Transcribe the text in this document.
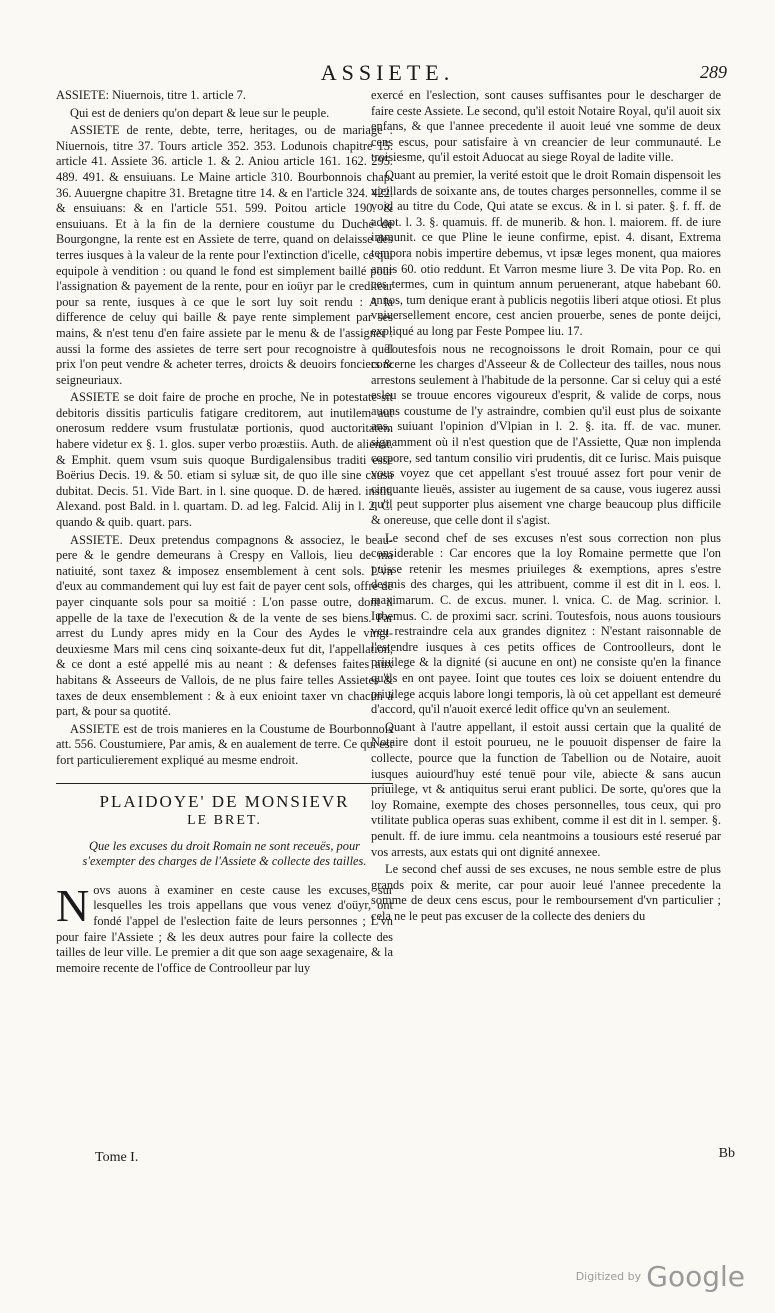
ASSIETE.	289

ASSIETE: Niuernois, titre 1. article 7.

Qui est de deniers qu'on depart & leue sur le peuple.

ASSIETE de rente, debte, terre, heritages, ou de mariage : Niuernois, titre 37. Tours article 352. 353. Lodunois chapitre 15. article 41. Assiete 36. article 1. & 2. Aniou article 161. 162. 295. 489. 491. & ensuiuans. Le Maine article 310. Bourbonnois chap. 36. Auuergne chapitre 31. Bretagne titre 14. & en l'article 324. 422. & ensuiuans: & en l'article 551. 599. Poitou article 190. & ensuiuans. Et à la fin de la derniere coustume du Duché de Bourgongne, la rente est en Assiete de terre, quand on delaisse des terres iusques à la valeur de la rente pour l'extinction d'icelle, ce qui equipole à vendition : ou quand le fond est simplement baillé pour l'assignation & payement de la rente, pour en ioüyr par le crediteur pour sa rente, iusques à ce que le sort luy soit rendu : A la difference de celuy qui baille & paye rente simplement par ses mains, & n'est tenu d'en faire assiete par le menu & de l'assigner : aussi la forme des assietes de terre sert pour recognoistre à quel prix l'on peut vendre & acheter terres, droicts & deuoirs fonciers & seigneuriaux.

ASSIETE se doit faire de proche en proche, Ne in potestate sit debitoris dissitis particulis fatigare creditorem, aut inutilem aut onerosum reddere vsum frustulatæ portionis, quod auctoritatem habere videtur ex §. 1. glos. super verbo proæstiis. Auth. de alienat. & Emphit. quem vsum suis quoque Burdigalensibus traditi esse Boërius Decis. 19. & 50. etiam si syluæ sit, de quo ille sine causa dubitat. Decis. 51. Vide Bart. in l. sine quoque. D. de hæred. instit. Alexand. post Bald. in l. quartam. D. ad leg. Falcid. Alij in l. 2. C. quando & quib. quart. pars.

ASSIETE. Deux pretendus compagnons & associez, le beau-pere & le gendre demeurans à Crespy en Vallois, lieu de ma natiuité, sont taxez & imposez ensemblement à cent sols. L'vn d'eux au commandement qui luy est fait de payer cent sols, offre de payer cinquante sols pour sa moitié : L'on passe outre, dont il appelle de la taxe de l'execution & de la vente de ses biens. Par arrest du Lundy apres midy en la Cour des Aydes le vingt-deuxiesme Mars mil cens cinq soixante-deux fut dit, l'appellation, & ce dont a esté appellé mis au neant : & defenses faites aux habitans & Asseeurs de Vallois, de ne plus faire telles Assietes & taxes de deux ensemblement : & à eux enioint taxer vn chacun à part, & pour sa quotité.

ASSIETE est de trois manieres en la Coustume de Bourbonnois att. 556. Coustumiere, Par amis, & en aualement de terre. Ce qui est fort particulierement expliqué au mesme endroit.

PLAIDOYE' DE MONSIEVR
LE BRET.
Que les excuses du droit Romain ne sont receuës, pour s'exempter des charges de l'Assiete & collecte des tailles.

Novs auons à examiner en ceste cause les excuses, sur lesquelles les trois appellans que vous venez d'oüyr, ont fondé l'appel de l'eslection faite de leurs personnes ; L'vn pour faire l'Assiete ; & les deux autres pour faire la collecte des tailles de leur ville. Le premier a dit que son aage sexagenaire, & la memoire recente de l'office de Controolleur par luy

Tome I.

exercé en l'eslection, sont causes suffisantes pour le descharger de faire ceste Assiete. Le second, qu'il estoit Notaire Royal, qu'il auoit six enfans, & que l'annee precedente il auoit leué vne somme de deux cens escus, pour satisfaire à vn creancier de leur communauté. Le troisiesme, qu'il estoit Aduocat au siege Royal de ladite ville.

Quant au premier, la verité estoit que le droit Romain dispensoit les vieillards de soixante ans, de toutes charges personnelles, comme il se void au titre du Code, Qui atate se excus. & in l. si pater. §. f. ff. de adopt. l. 3. §. quamuis. ff. de munerib. & hon. l. maiorem. ff. de iure immunit. ce que Pline le ieune confirme, epist. 4. disant, Extrema tempora nobis impertire debemus, vt ipsæ leges monent, qua maiores annis 60. otio reddunt. Et Varron mesme liure 3. De vita Pop. Ro. en ces termes, cum in quintum annum peruenerant, atque habebant 60. annos, tum denique erant à publicis negotiis liberi atque otiosi. Et plus vniuersellement encore, cest ancien prouerbe, senes de ponte deijci, expliqué au long par Feste Pompee liu. 17.

Toutesfois nous ne recognoissons le droit Romain, pour ce qui concerne les charges d'Asseeur & de Collecteur des tailles, nous nous arrestons seulement à l'habitude de la personne. Car si celuy qui a esté esleu se trouue encores vigoureux d'esprit, & valide de corps, nous auons coustume de l'y astraindre, combien qu'il eust plus de soixante ans, suiuant l'opinion d'Vlpian in l. 2. §. ita. ff. de vac. muner. signamment où il n'est question que de l'Assiette, Quæ non implenda corpore, sed tantum consilio viri prudentis, dit ce Iurisc. Mais puisque vous voyez que cet appellant s'est trouué assez fort pour venir de cinquante lieuës, assister au iugement de sa cause, vous iugerez aussi qu'il peut supporter plus aisement vne charge beaucoup plus difficile & onereuse, que celle dont il s'agist.

Le second chef de ses excuses n'est sous correction non plus considerable : Car encores que la loy Romaine permette que l'on puisse retenir les mesmes priuileges & exemptions, apres s'estre desmis des charges, qui les attribuent, comme il est dit in l. eos. l. maximarum. C. de excus. muner. l. vnica. C. de Mag. scrinior. l. Iubemus. C. de proximi sacr. scrini. Toutesfois, nous auons tousiours veu restraindre cela aux grandes dignitez : N'estant raisonnable de l'estendre iusques à ces petits offices de Controolleurs, dont le priuilege & la dignité (si aucune en ont) ne consiste qu'en la finance qu'ils en ont payee. Ioint que toutes ces loix se doiuent entendre du priuilege acquis labore longi temporis, là où cet appellant est demeuré d'accord, qu'il n'auoit exercé ledit office qu'vn an seulement.

Quant à l'autre appellant, il estoit aussi certain que la qualité de Notaire dont il estoit pourueu, ne le pouuoit dispenser de faire la collecte, pource que la function de Tabellion ou de Notaire, auoit iusques auiourd'huy esté tenuë pour vile, abiecte & sans aucun priuilege, vt & antiquitus serui erant publici. De sorte, qu'ores que la loy Romaine, exempte des choses personnelles, tous ceux, qui pro vtilitate publica operas suas exhibent, comme il est dit in l. semper. §. penult. ff. de iure immu. cela neantmoins a tousiours esté reserué par vos arrests, aux estats qui ont dignité annexee.

Le second chef aussi de ses excuses, ne nous semble estre de plus grands poix & merite, car pour auoir leué l'annee precedente la somme de deux cens escus, pour le remboursement d'vn particulier ; cela ne le peut pas excuser de la collecte des deniers du

Bb
Digitized by Google
